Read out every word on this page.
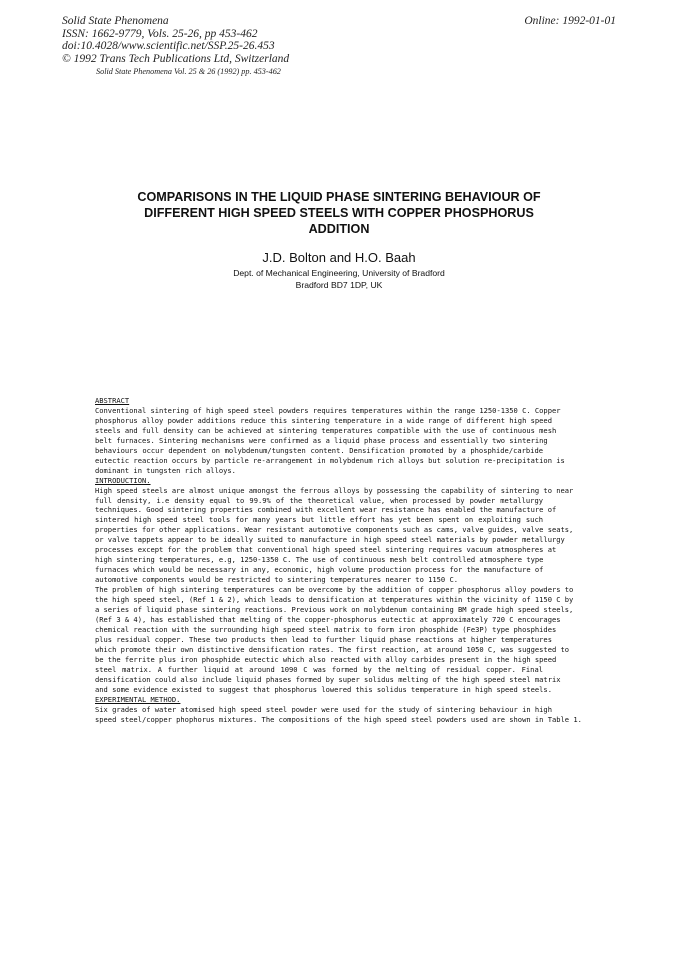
Solid State Phenomena
ISSN: 1662-9779, Vols. 25-26, pp 453-462
doi:10.4028/www.scientific.net/SSP.25-26.453
© 1992 Trans Tech Publications Ltd, Switzerland
Online: 1992-01-01
Solid State Phenomena Vol. 25 & 26 (1992) pp. 453-462
COMPARISONS IN THE LIQUID PHASE SINTERING BEHAVIOUR OF
DIFFERENT HIGH SPEED STEELS WITH COPPER PHOSPHORUS
ADDITION
J.D. Bolton and H.O. Baah
Dept. of Mechanical Engineering, University of Bradford
Bradford BD7 1DP, UK
ABSTRACT
Conventional sintering of high speed steel powders requires temperatures within the range 1250-1350 C. Copper
phosphorus alloy powder additions reduce this sintering temperature in a wide range of different high speed
steels and full density can be achieved at sintering temperatures compatible with the use of continuous mesh
belt furnaces. Sintering mechanisms were confirmed as a liquid phase process and essentially two sintering
behaviours occur dependent on molybdenum/tungsten content. Densification promoted by a phosphide/carbide
eutectic reaction occurs by particle re-arrangement in molybdenum rich alloys but solution re-precipitation is
dominant in tungsten rich alloys.
INTRODUCTION.
High speed steels are almost unique amongst the ferrous alloys by possessing the capability of sintering to near
full density, i.e density equal to 99.9% of the theoretical value, when processed by powder metallurgy
techniques. Good sintering properties combined with excellent wear resistance has enabled the manufacture of
sintered high speed steel tools for many years but little effort has yet been spent on exploiting such
properties for other applications. Wear resistant automotive components such as cams, valve guides, valve seats,
or valve tappets appear to be ideally suited to manufacture in high speed steel materials by powder metallurgy
processes except for the problem that conventional high speed steel sintering requires vacuum atmospheres at
high sintering temperatures, e.g, 1250-1350 C. The use of continuous mesh belt controlled atmosphere type
furnaces which would be necessary in any, economic, high volume production process for the manufacture of
automotive components would be restricted to sintering temperatures nearer to 1150 C.
The problem of high sintering temperatures can be overcome by the addition of copper phosphorus alloy powders to
the high speed steel, (Ref 1 & 2), which leads to densification at temperatures within the vicinity of 1150 C by
a series of liquid phase sintering reactions. Previous work on molybdenum containing BM grade high speed steels,
(Ref 3 & 4), has established that melting of the copper-phosphorus eutectic at approximately 720 C encourages
chemical reaction with the surrounding high speed steel matrix to form iron phosphide (Fe3P) type phosphides
plus residual copper. These two products then lead to further liquid phase reactions at higher temperatures
which promote their own distinctive densification rates. The first reaction, at around 1050 C, was suggested to
be the ferrite plus iron phosphide eutectic which also reacted with alloy carbides present in the high speed
steel matrix. A further liquid at around 1090 C was formed by the melting of residual copper. Final
densification could also include liquid phases formed by super solidus melting of the high speed steel matrix
and some evidence existed to suggest that phosphorus lowered this solidus temperature in high speed steels.
EXPERIMENTAL METHOD.
Six grades of water atomised high speed steel powder were used for the study of sintering behaviour in high
speed steel/copper phophorus mixtures. The compositions of the high speed steel powders used are shown in Table 1.
